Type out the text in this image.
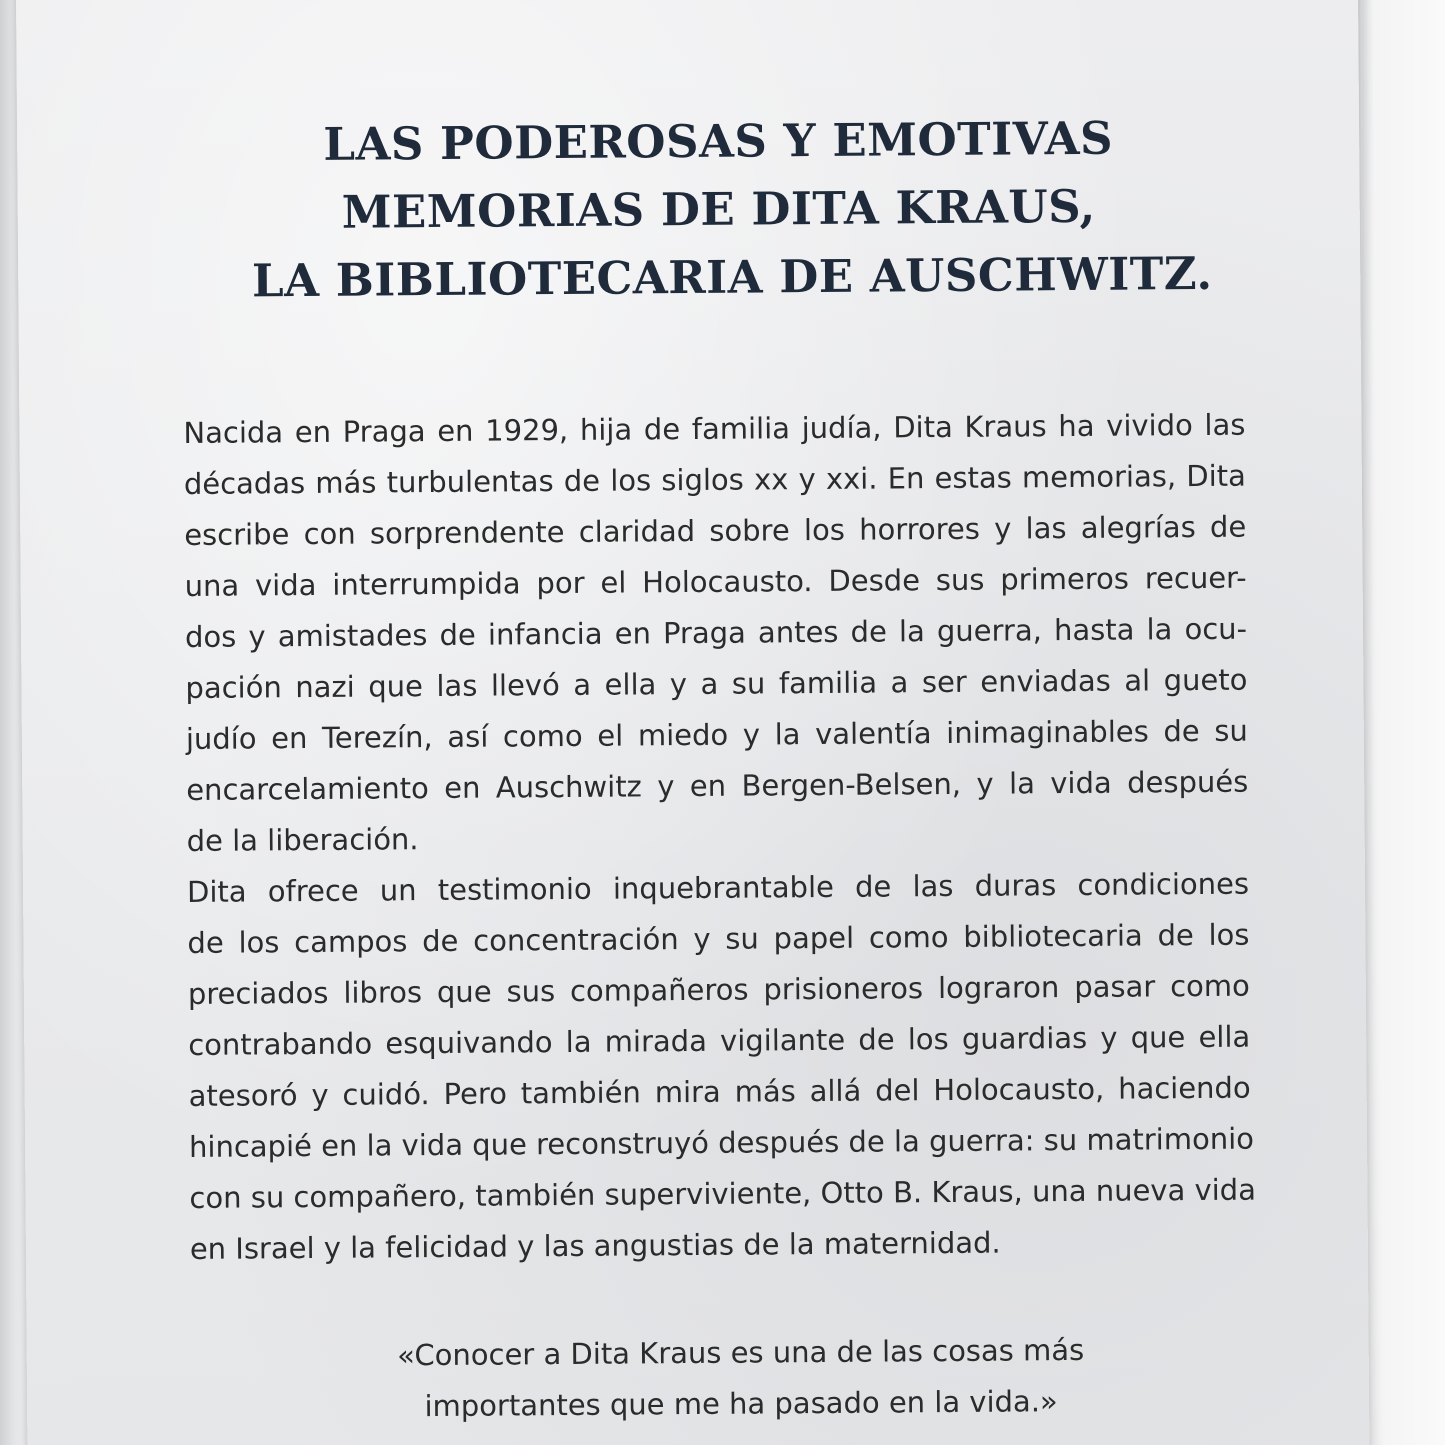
LAS PODEROSAS Y EMOTIVAS
MEMORIAS DE DITA KRAUS,
LA BIBLIOTECARIA DE AUSCHWITZ.
Nacida en Praga en 1929, hija de familia judía, Dita Kraus ha vivido las
décadas más turbulentas de los siglos xx y xxi. En estas memorias, Dita
escribe con sorprendente claridad sobre los horrores y las alegrías de
una vida interrumpida por el Holocausto. Desde sus primeros recuer-
dos y amistades de infancia en Praga antes de la guerra, hasta la ocu-
pación nazi que las llevó a ella y a su familia a ser enviadas al gueto
judío en Terezín, así como el miedo y la valentía inimaginables de su
encarcelamiento en Auschwitz y en Bergen-Belsen, y la vida después
de la liberación.
Dita ofrece un testimonio inquebrantable de las duras condiciones
de los campos de concentración y su papel como bibliotecaria de los
preciados libros que sus compañeros prisioneros lograron pasar como
contrabando esquivando la mirada vigilante de los guardias y que ella
atesoró y cuidó. Pero también mira más allá del Holocausto, haciendo
hincapié en la vida que reconstruyó después de la guerra: su matrimonio
con su compañero, también superviviente, Otto B. Kraus, una nueva vida
en Israel y la felicidad y las angustias de la maternidad.
«Conocer a Dita Kraus es una de las cosas más
importantes que me ha pasado en la vida.»
